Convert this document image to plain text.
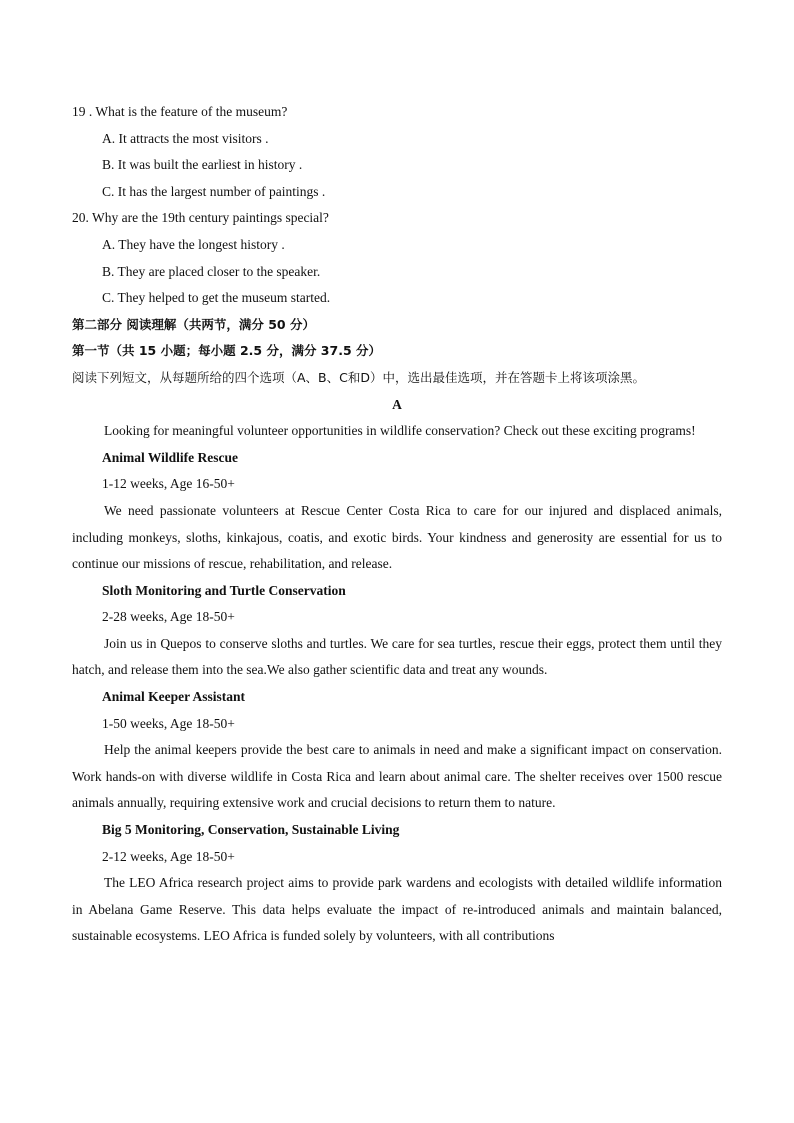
19 . What is the feature of the museum?
A. It attracts the most visitors .
B. It was built the earliest in history .
C. It has the largest number of paintings .
20. Why are the 19th century paintings special?
A. They have the longest history .
B. They are placed closer to the speaker.
C. They helped to get the museum started.
第二部分 阅读理解（共两节，满分 50 分）
第一节（共 15 小题；每小题 2.5 分，满分 37.5 分）
阅读下列短文，从每题所给的四个选项（A、B、C和D）中，选出最佳选项，并在答题卡上将该项涂黑。
A

Looking for meaningful volunteer opportunities in wildlife conservation? Check out these exciting programs!

Animal Wildlife Rescue
1-12 weeks, Age 16-50+

We need passionate volunteers at Rescue Center Costa Rica to care for our injured and displaced animals, including monkeys, sloths, kinkajous, coatis, and exotic birds. Your kindness and generosity are essential for us to continue our missions of rescue, rehabilitation, and release.

Sloth Monitoring and Turtle Conservation
2-28 weeks, Age 18-50+

Join us in Quepos to conserve sloths and turtles. We care for sea turtles, rescue their eggs, protect them until they hatch, and release them into the sea.We also gather scientific data and treat any wounds.

Animal Keeper Assistant
1-50 weeks, Age 18-50+

Help the animal keepers provide the best care to animals in need and make a significant impact on conservation. Work hands-on with diverse wildlife in Costa Rica and learn about animal care. The shelter receives over 1500 rescue animals annually, requiring extensive work and crucial decisions to return them to nature.

Big 5 Monitoring, Conservation, Sustainable Living
2-12 weeks, Age 18-50+

The LEO Africa research project aims to provide park wardens and ecologists with detailed wildlife information in Abelana Game Reserve. This data helps evaluate the impact of re-introduced animals and maintain balanced, sustainable ecosystems. LEO Africa is funded solely by volunteers, with all contributions
